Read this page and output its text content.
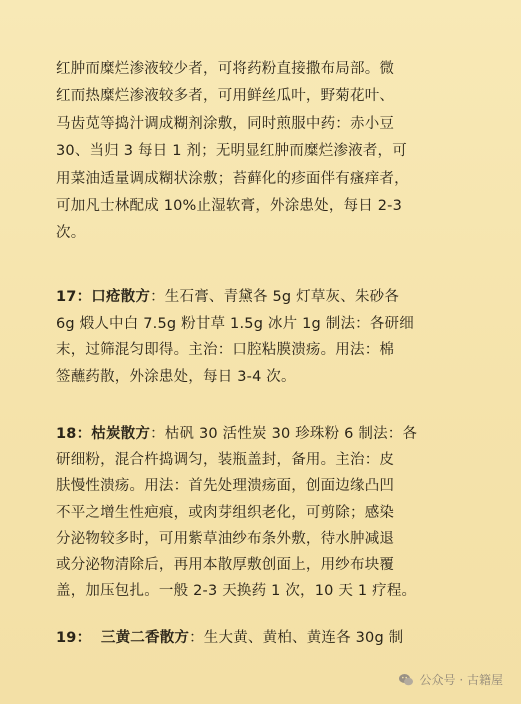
红肿而糜烂渗液较少者，可将药粉直接撒布局部。微
红而热糜烂渗液较多者，可用鲜丝瓜叶，野菊花叶、
马齿苋等捣汁调成糊剂涂敷，同时煎服中药：赤小豆
30、当归 3 每日 1 剂；无明显红肿而糜烂渗液者，可
用菜油适量调成糊状涂敷；苔藓化的疹面伴有瘙痒者，
可加凡士林配成 10%止湿软膏，外涂患处，每日 2-3
次。
17：口疮散方：生石膏、青黛各 5g 灯草灰、朱砂各
6g 煅人中白 7.5g 粉甘草 1.5g 冰片 1g 制法：各研细
末，过筛混匀即得。主治：口腔粘膜溃疡。用法：棉
签蘸药散，外涂患处，每日 3-4 次。
18：枯炭散方：枯矾 30 活性炭 30 珍珠粉 6 制法：各
研细粉，混合杵捣调匀，装瓶盖封，备用。主治：皮
肤慢性溃疡。用法：首先处理溃疡面，创面边缘凸凹
不平之增生性疤痕，或肉芽组织老化，可剪除；感染
分泌物较多时，可用紫草油纱布条外敷，待水肿减退
或分泌物清除后，再用本散厚敷创面上，用纱布块覆
盖，加压包扎。一般 2-3 天换药 1 次，10 天 1 疗程。
19： 三黄二香散方：生大黄、黄柏、黄连各 30g 制
公众号 · 古籍屋
